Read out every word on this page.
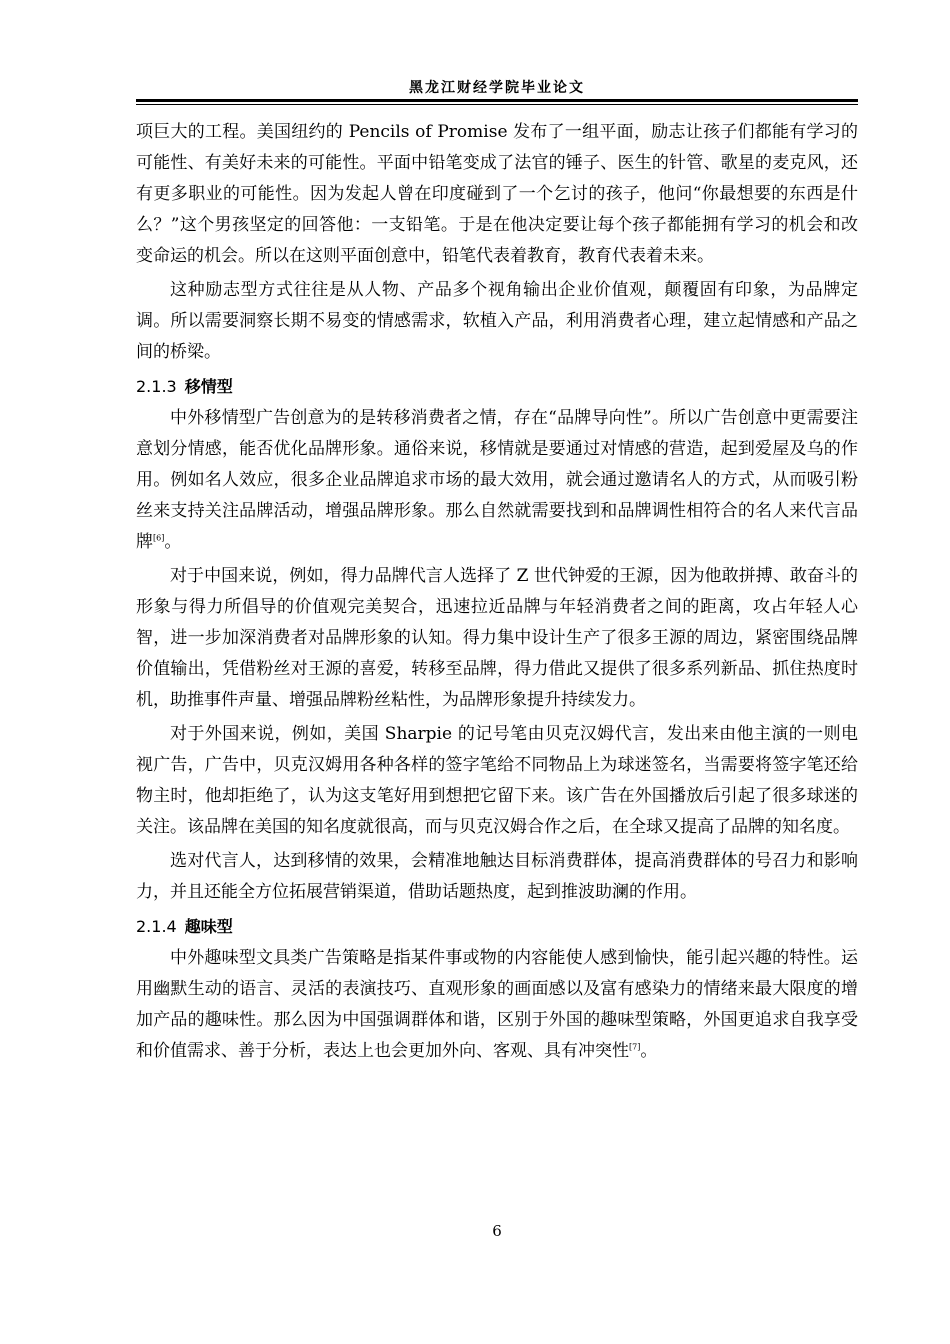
黑龙江财经学院毕业论文

项巨大的工程。美国纽约的 Pencils of Promise 发布了一组平面，励志让孩子们都能有学习的可能性、有美好未来的可能性。平面中铅笔变成了法官的锤子、医生的针管、歌星的麦克风，还有更多职业的可能性。因为发起人曾在印度碰到了一个乞讨的孩子，他问“你最想要的东西是什么？”这个男孩坚定的回答他：一支铅笔。于是在他决定要让每个孩子都能拥有学习的机会和改变命运的机会。所以在这则平面创意中，铅笔代表着教育，教育代表着未来。

这种励志型方式往往是从人物、产品多个视角输出企业价值观，颠覆固有印象，为品牌定调。所以需要洞察长期不易变的情感需求，软植入产品，利用消费者心理，建立起情感和产品之间的桥梁。

2.1.3 移情型

中外移情型广告创意为的是转移消费者之情，存在“品牌导向性”。所以广告创意中更需要注意划分情感，能否优化品牌形象。通俗来说，移情就是要通过对情感的营造，起到爱屋及乌的作用。例如名人效应，很多企业品牌追求市场的最大效用，就会通过邀请名人的方式，从而吸引粉丝来支持关注品牌活动，增强品牌形象。那么自然就需要找到和品牌调性相符合的名人来代言品牌[6]。

对于中国来说，例如，得力品牌代言人选择了 Z 世代钟爱的王源，因为他敢拼搏、敢奋斗的形象与得力所倡导的价值观完美契合，迅速拉近品牌与年轻消费者之间的距离，攻占年轻人心智，进一步加深消费者对品牌形象的认知。得力集中设计生产了很多王源的周边，紧密围绕品牌价值输出，凭借粉丝对王源的喜爱，转移至品牌，得力借此又提供了很多系列新品、抓住热度时机，助推事件声量、增强品牌粉丝粘性，为品牌形象提升持续发力。

对于外国来说，例如，美国 Sharpie 的记号笔由贝克汉姆代言，发出来由他主演的一则电视广告，广告中，贝克汉姆用各种各样的签字笔给不同物品上为球迷签名，当需要将签字笔还给物主时，他却拒绝了，认为这支笔好用到想把它留下来。该广告在外国播放后引起了很多球迷的关注。该品牌在美国的知名度就很高，而与贝克汉姆合作之后，在全球又提高了品牌的知名度。

选对代言人，达到移情的效果，会精准地触达目标消费群体，提高消费群体的号召力和影响力，并且还能全方位拓展营销渠道，借助话题热度，起到推波助澜的作用。

2.1.4 趣味型

中外趣味型文具类广告策略是指某件事或物的内容能使人感到愉快，能引起兴趣的特性。运用幽默生动的语言、灵活的表演技巧、直观形象的画面感以及富有感染力的情绪来最大限度的增加产品的趣味性。那么因为中国强调群体和谐，区别于外国的趣味型策略，外国更追求自我享受和价值需求、善于分析，表达上也会更加外向、客观、具有冲突性[7]。

6
